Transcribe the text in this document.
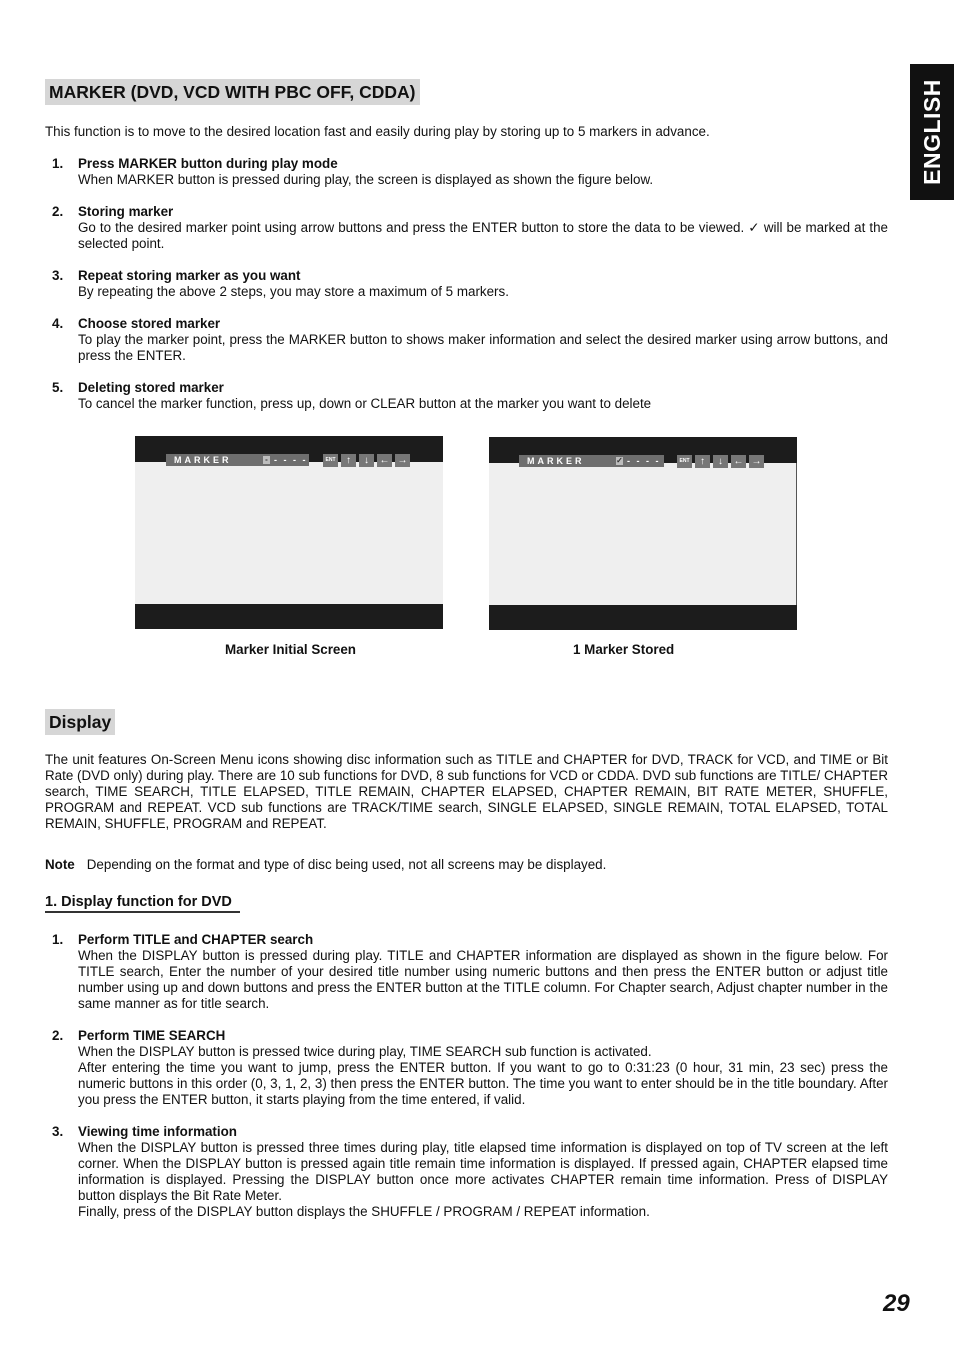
ENGLISH
MARKER (DVD, VCD WITH PBC OFF, CDDA)
This function is to move to the desired location fast and easily during play by storing up to 5 markers in advance.
1. Press MARKER button during play mode
When MARKER button is pressed during play, the screen is displayed as shown the figure below.
2. Storing marker
Go to the desired marker point using arrow buttons and press the ENTER button to store the data to be viewed. ✓ will be marked at the selected point.
3. Repeat storing marker as you want
By repeating the above 2 steps, you may store a maximum of 5 markers.
4. Choose stored marker
To play the marker point, press the MARKER button to shows maker information and select the desired marker using arrow buttons, and press the ENTER.
5. Deleting stored marker
To cancel the marker function, press up, down or CLEAR button at the marker you want to delete
MARKER	- - - - -	ENT	↑	↓	← →
Marker Initial Screen
MARKER	✓ - - - -	ENT	↑	↓	← →
1 Marker Stored
Display
The unit features On-Screen Menu icons showing disc information such as TITLE and CHAPTER for DVD, TRACK for VCD, and TIME or Bit Rate (DVD only) during play. There are 10 sub functions for DVD, 8 sub functions for VCD or CDDA. DVD sub functions are TITLE/ CHAPTER search, TIME SEARCH, TITLE ELAPSED, TITLE REMAIN, CHAPTER ELAPSED, CHAPTER REMAIN, BIT RATE METER, SHUFFLE, PROGRAM and REPEAT. VCD sub functions are TRACK/TIME search, SINGLE ELAPSED, SINGLE REMAIN, TOTAL ELAPSED, TOTAL REMAIN, SHUFFLE, PROGRAM and REPEAT.
Note Depending on the format and type of disc being used, not all screens may be displayed.
1. Display function for DVD
1. Perform TITLE and CHAPTER search

When the DISPLAY button is pressed during play. TITLE and CHAPTER information are displayed as shown in the figure below. For TITLE search, Enter the number of your desired title number using numeric buttons and then press the ENTER button or adjust title number using up and down buttons and press the ENTER button at the TITLE column. For Chapter search, Adjust chapter number in the same manner as for title search.

2. Perform TIME SEARCH

When the DISPLAY button is pressed twice during play, TIME SEARCH sub function is activated.

After entering the time you want to jump, press the ENTER button. If you want to go to 0:31:23 (0 hour, 31 min, 23 sec) press the numeric buttons in this order (0, 3, 1, 2, 3) then press the ENTER button. The time you want to enter should be in the title boundary. After you press the ENTER button, it starts playing from the time entered, if valid.

3. Viewing time information

When the DISPLAY button is pressed three times during play, title elapsed time information is displayed on top of TV screen at the left corner. When the DISPLAY button is pressed again title remain time information is displayed. If pressed again, CHAPTER elapsed time information is displayed. Pressing the DISPLAY button once more activates CHAPTER remain time information. Press of DISPLAY button displays the Bit Rate Meter.

Finally, press of the DISPLAY button displays the SHUFFLE / PROGRAM / REPEAT information.

29
